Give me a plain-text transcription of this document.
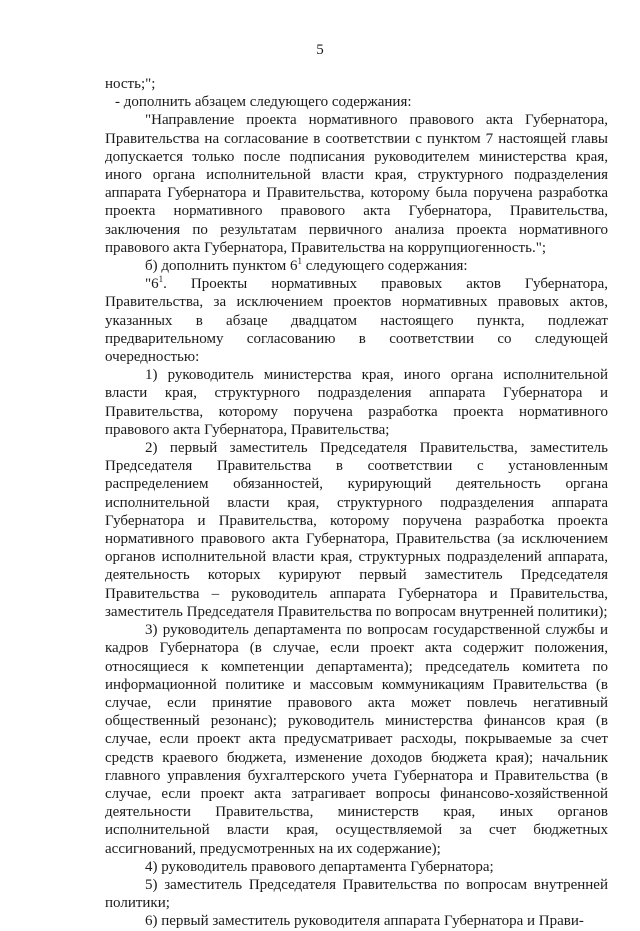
5

ность;";

- дополнить абзацем следующего содержания:

"Направление проекта нормативного правового акта Губернатора, Правительства на согласование в соответствии с пунктом 7 настоящей главы допускается только после подписания руководителем министерства края, иного органа исполнительной власти края, структурного подразделения аппарата Губернатора и Правительства, которому была поручена разработка проекта нормативного правового акта Губернатора, Правительства, заключения по результатам первичного анализа проекта нормативного правового акта Губернатора, Правительства на коррупциогенность.";

б) дополнить пунктом $6^1$ следующего содержания:

"$6^1$. Проекты нормативных правовых актов Губернатора, Правительства, за исключением проектов нормативных правовых актов, указанных в абзаце двадцатом настоящего пункта, подлежат предварительному согласованию в соответствии со следующей очередностью:

1) руководитель министерства края, иного органа исполнительной власти края, структурного подразделения аппарата Губернатора и Правительства, которому поручена разработка проекта нормативного правового акта Губернатора, Правительства;

2) первый заместитель Председателя Правительства, заместитель Председателя Правительства в соответствии с установленным распределением обязанностей, курирующий деятельность органа исполнительной власти края, структурного подразделения аппарата Губернатора и Правительства, которому поручена разработка проекта нормативного правового акта Губернатора, Правительства (за исключением органов исполнительной власти края, структурных подразделений аппарата, деятельность которых курируют первый заместитель Председателя Правительства – руководитель аппарата Губернатора и Правительства, заместитель Председателя Правительства по вопросам внутренней политики);

3) руководитель департамента по вопросам государственной службы и кадров Губернатора (в случае, если проект акта содержит положения, относящиеся к компетенции департамента); председатель комитета по информационной политике и массовым коммуникациям Правительства (в случае, если принятие правового акта может повлечь негативный общественный резонанс); руководитель министерства финансов края (в случае, если проект акта предусматривает расходы, покрываемые за счет средств краевого бюджета, изменение доходов бюджета края); начальник главного управления бухгалтерского учета Губернатора и Правительства (в случае, если проект акта затрагивает вопросы финансово-хозяйственной деятельности Правительства, министерств края, иных органов исполнительной власти края, осуществляемой за счет бюджетных ассигнований, предусмотренных на их содержание);

4) руководитель правового департамента Губернатора;

5) заместитель Председателя Правительства по вопросам внутренней политики;

6) первый заместитель руководителя аппарата Губернатора и Прави-
